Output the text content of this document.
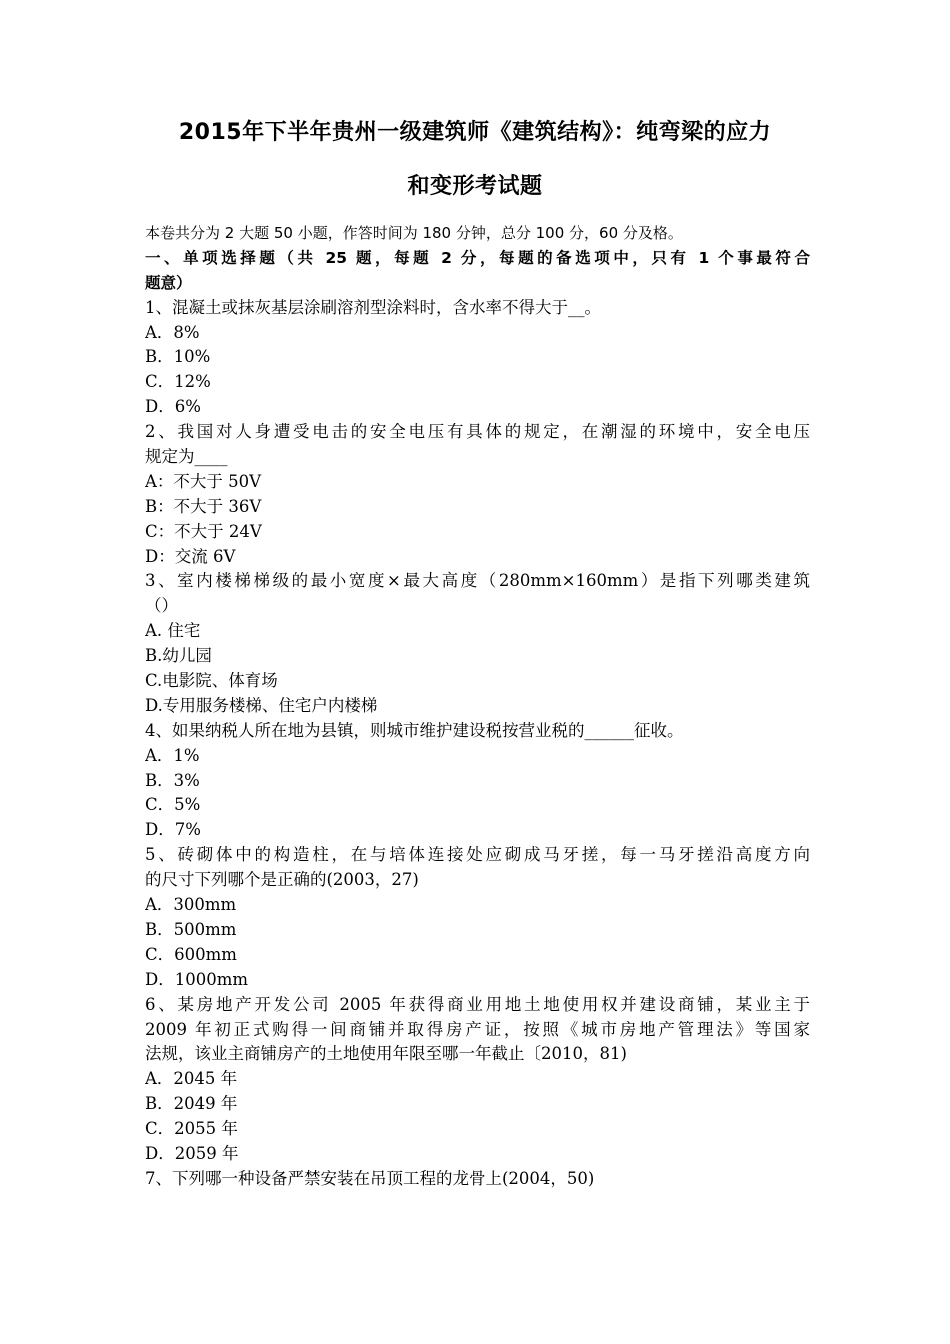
2015年下半年贵州一级建筑师《建筑结构》：纯弯梁的应力
和变形考试题
本卷共分为 2 大题 50 小题，作答时间为 180 分钟，总分 100 分，60 分及格。
一、单项选择题（共 25 题，每题 2 分，每题的备选项中，只有 1 个事最符合
题意）
1、混凝土或抹灰基层涂刷溶剂型涂料时，含水率不得大于__。
A．8%
B．10%
C．12%
D．6%
2、我国对人身遭受电击的安全电压有具体的规定，在潮湿的环境中，安全电压
规定为____
A：不大于 50V
B：不大于 36V
C：不大于 24V
D：交流 6V
3、室内楼梯梯级的最小宽度×最大高度（280mm×160mm）是指下列哪类建筑
（）
A. 住宅
B.幼儿园
C.电影院、体育场
D.专用服务楼梯、住宅户内楼梯
4、如果纳税人所在地为县镇，则城市维护建设税按营业税的______征收。
A．1%
B．3%
C．5%
D．7%
5、砖砌体中的构造柱，在与培体连接处应砌成马牙搓，每一马牙搓沿高度方向
的尺寸下列哪个是正确的(2003，27)
A．300mm
B．500mm
C．600mm
D．1000mm
6、某房地产开发公司 2005 年获得商业用地土地使用权并建设商铺，某业主于
2009 年初正式购得一间商铺并取得房产证，按照《城市房地产管理法》等国家
法规，该业主商铺房产的土地使用年限至哪一年截止〔2010，81)
A．2045 年
B．2049 年
C．2055 年
D．2059 年
7、下列哪一种设备严禁安装在吊顶工程的龙骨上(2004，50)
